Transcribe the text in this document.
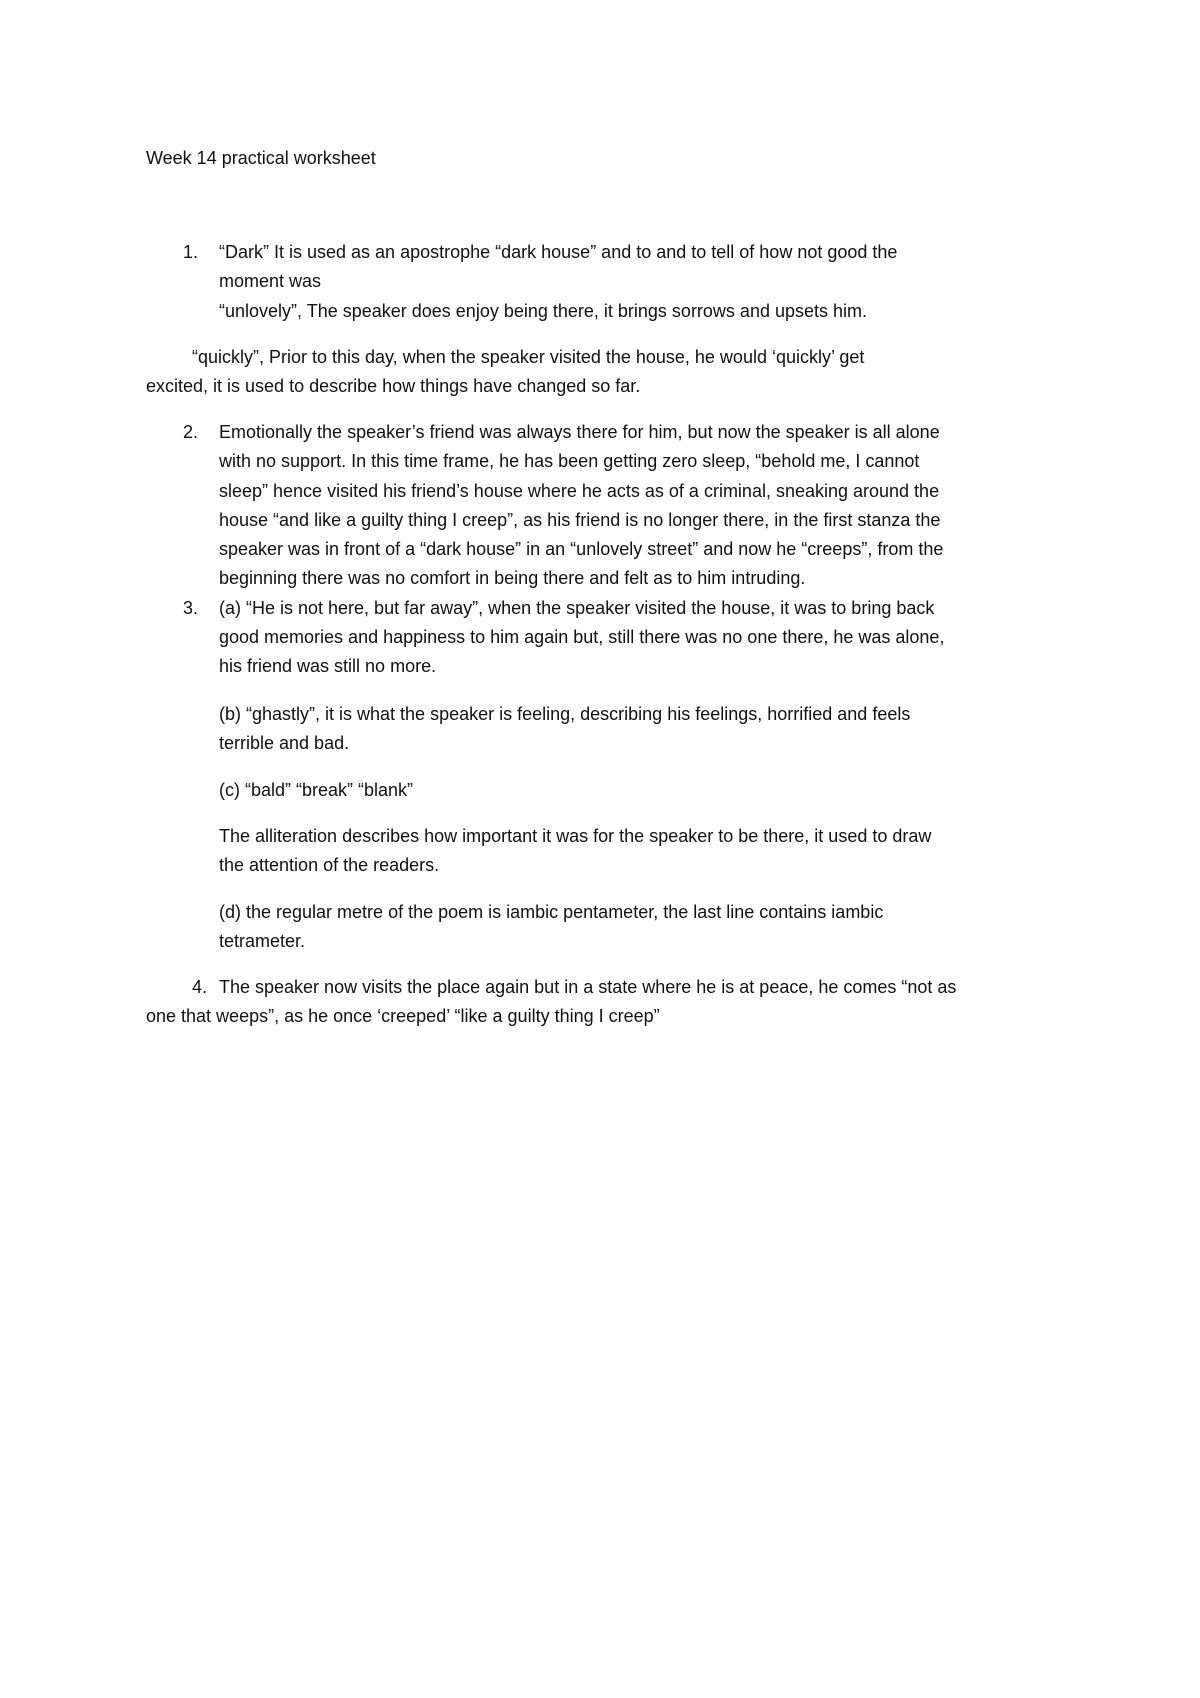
Week 14 practical worksheet
1. “Dark” It is used as an apostrophe “dark house” and to and to tell of how not good the
moment was
“unlovely”, The speaker does enjoy being there, it brings sorrows and upsets him.
“quickly”, Prior to this day, when the speaker visited the house, he would ‘quickly’ get
excited, it is used to describe how things have changed so far.
2. Emotionally the speaker’s friend was always there for him, but now the speaker is all alone
with no support. In this time frame, he has been getting zero sleep, “behold me, I cannot
sleep” hence visited his friend’s house where he acts as of a criminal, sneaking around the
house “and like a guilty thing I creep”, as his friend is no longer there, in the first stanza the
speaker was in front of a “dark house” in an “unlovely street” and now he “creeps”, from the
beginning there was no comfort in being there and felt as to him intruding.
3. (a) “He is not here, but far away”, when the speaker visited the house, it was to bring back
good memories and happiness to him again but, still there was no one there, he was alone,
his friend was still no more.
(b) “ghastly”, it is what the speaker is feeling, describing his feelings, horrified and feels
terrible and bad.
(c) “bald” “break” “blank”
The alliteration describes how important it was for the speaker to be there, it used to draw
the attention of the readers.
(d) the regular metre of the poem is iambic pentameter, the last line contains iambic
tetrameter.
4. The speaker now visits the place again but in a state where he is at peace, he comes “not as
one that weeps”, as he once ‘creeped’ “like a guilty thing I creep”
